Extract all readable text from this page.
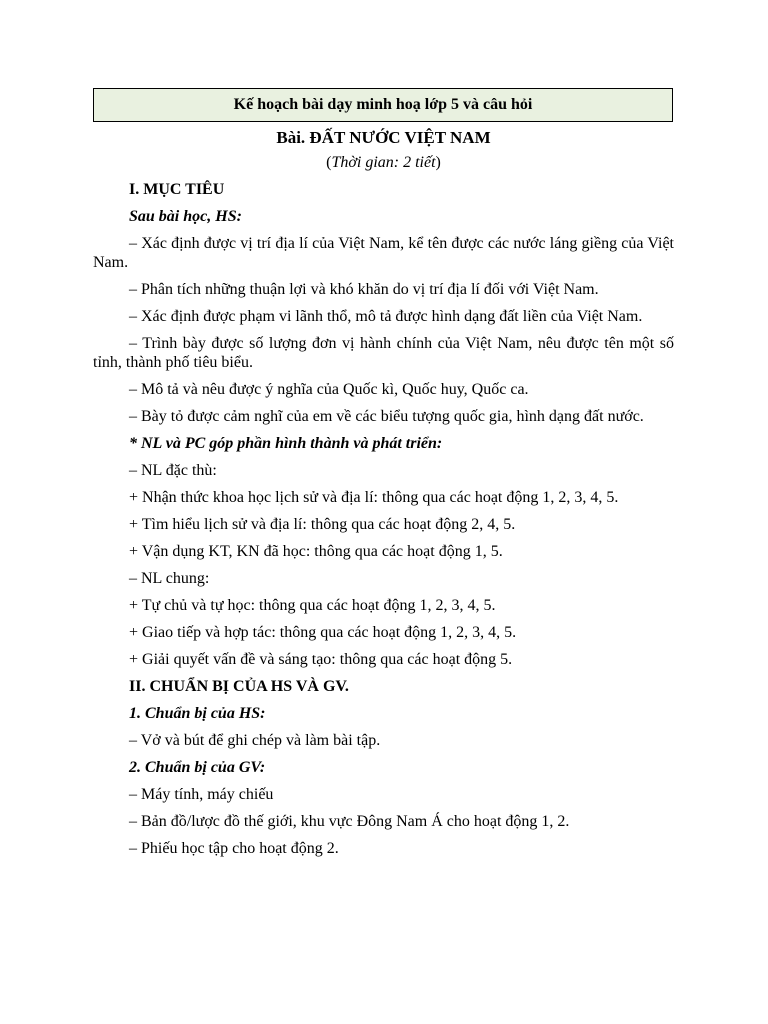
Kế hoạch bài dạy minh hoạ lớp 5 và câu hỏi

Bài. ĐẤT NƯỚC VIỆT NAM

(Thời gian: 2 tiết)

I. MỤC TIÊU

Sau bài học, HS:

– Xác định được vị trí địa lí của Việt Nam, kể tên được các nước láng giềng của Việt Nam.

– Phân tích những thuận lợi và khó khăn do vị trí địa lí đối với Việt Nam.

– Xác định được phạm vi lãnh thổ, mô tả được hình dạng đất liền của Việt Nam.

– Trình bày được số lượng đơn vị hành chính của Việt Nam, nêu được tên một số tỉnh, thành phố tiêu biểu.

– Mô tả và nêu được ý nghĩa của Quốc kì, Quốc huy, Quốc ca.

– Bày tỏ được cảm nghĩ của em về các biểu tượng quốc gia, hình dạng đất nước.

* NL và PC góp phần hình thành và phát triển:

– NL đặc thù:

+ Nhận thức khoa học lịch sử và địa lí: thông qua các hoạt động 1, 2, 3, 4, 5.

+ Tìm hiểu lịch sử và địa lí: thông qua các hoạt động 2, 4, 5.

+ Vận dụng KT, KN đã học: thông qua các hoạt động 1, 5.

– NL chung:

+ Tự chủ và tự học: thông qua các hoạt động 1, 2, 3, 4, 5.

+ Giao tiếp và hợp tác: thông qua các hoạt động 1, 2, 3, 4, 5.

+ Giải quyết vấn đề và sáng tạo: thông qua các hoạt động 5.

II. CHUẨN BỊ CỦA HS VÀ GV.

1. Chuẩn bị của HS:

– Vở và bút để ghi chép và làm bài tập.

2. Chuẩn bị của GV:

– Máy tính, máy chiếu

– Bản đồ/lược đồ thế giới, khu vực Đông Nam Á cho hoạt động 1, 2.

– Phiếu học tập cho hoạt động 2.
